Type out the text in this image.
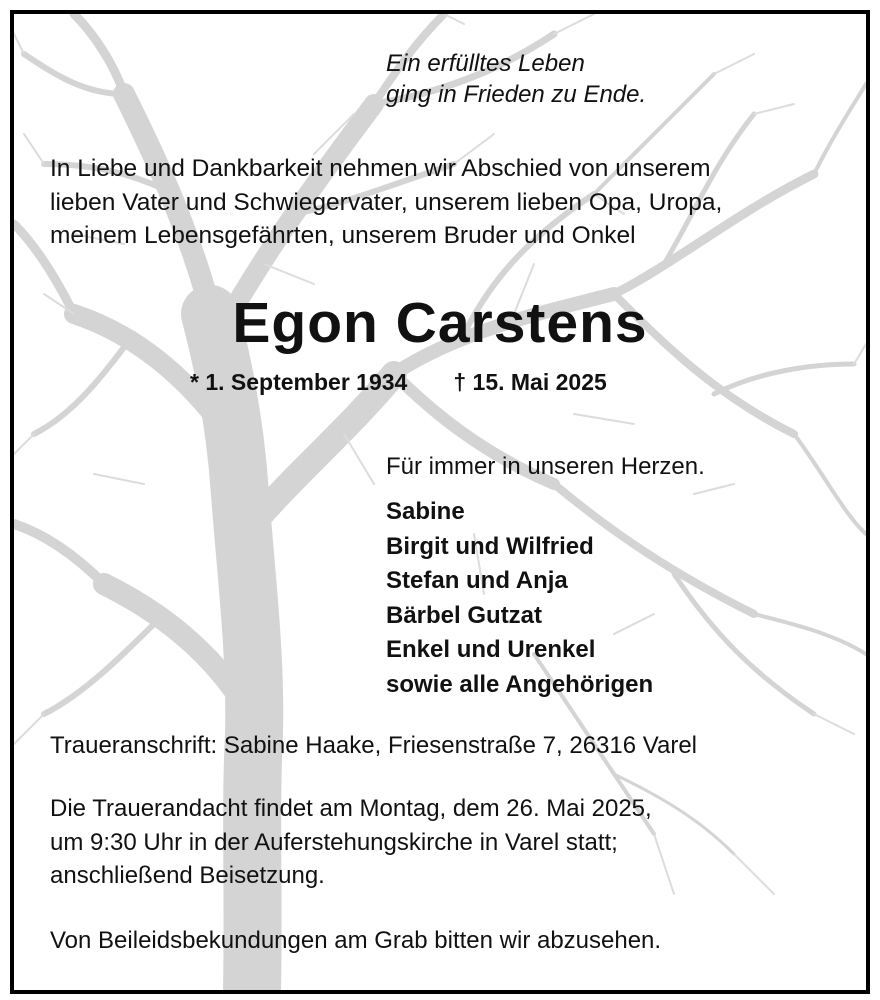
Ein erfülltes Leben
ging in Frieden zu Ende.
In Liebe und Dankbarkeit nehmen wir Abschied von unserem
lieben Vater und Schwiegervater, unserem lieben Opa, Uropa,
meinem Lebensgefährten, unserem Bruder und Onkel
Egon Carstens
* 1. September 1934 † 15. Mai 2025
Für immer in unseren Herzen.
Sabine
Birgit und Wilfried
Stefan und Anja
Bärbel Gutzat
Enkel und Urenkel
sowie alle Angehörigen
Traueranschrift: Sabine Haake, Friesenstraße 7, 26316 Varel
Die Trauerandacht findet am Montag, dem 26. Mai 2025,
um 9:30 Uhr in der Auferstehungskirche in Varel statt;
anschließend Beisetzung.
Von Beileidsbekundungen am Grab bitten wir abzusehen.
